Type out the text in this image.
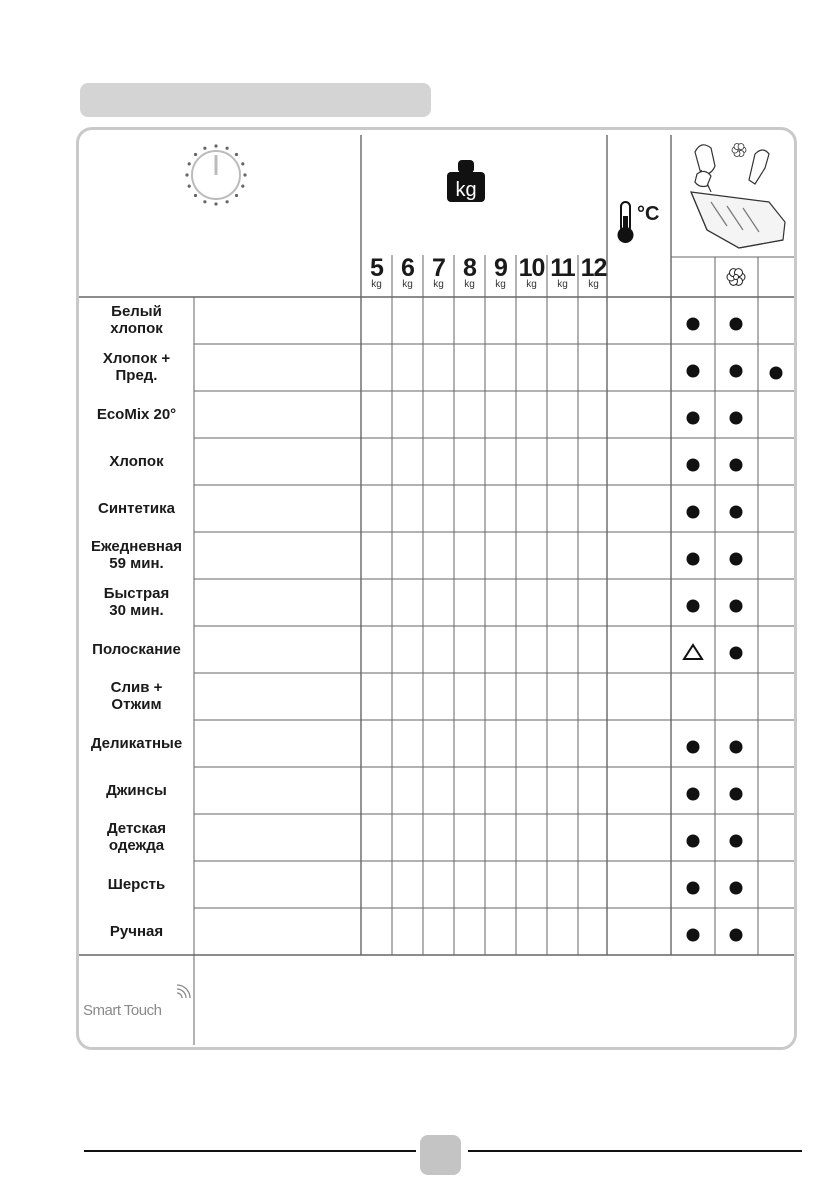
kg
Белый
хлопок
Хлопок +
Пред.
EcoMix 20°
Хлопок
Синтетика
Ежедневная
59 мин.
Быстрая
30 мин.
Полоскание
Слив +
Отжим
Деликатные
Джинсы
Детская
одежда
Шерсть
Ручная
5
kg
6
kg
7
kg
8
kg
9
kg
10
kg
11
kg
12
kg
°C
Smart Touch
